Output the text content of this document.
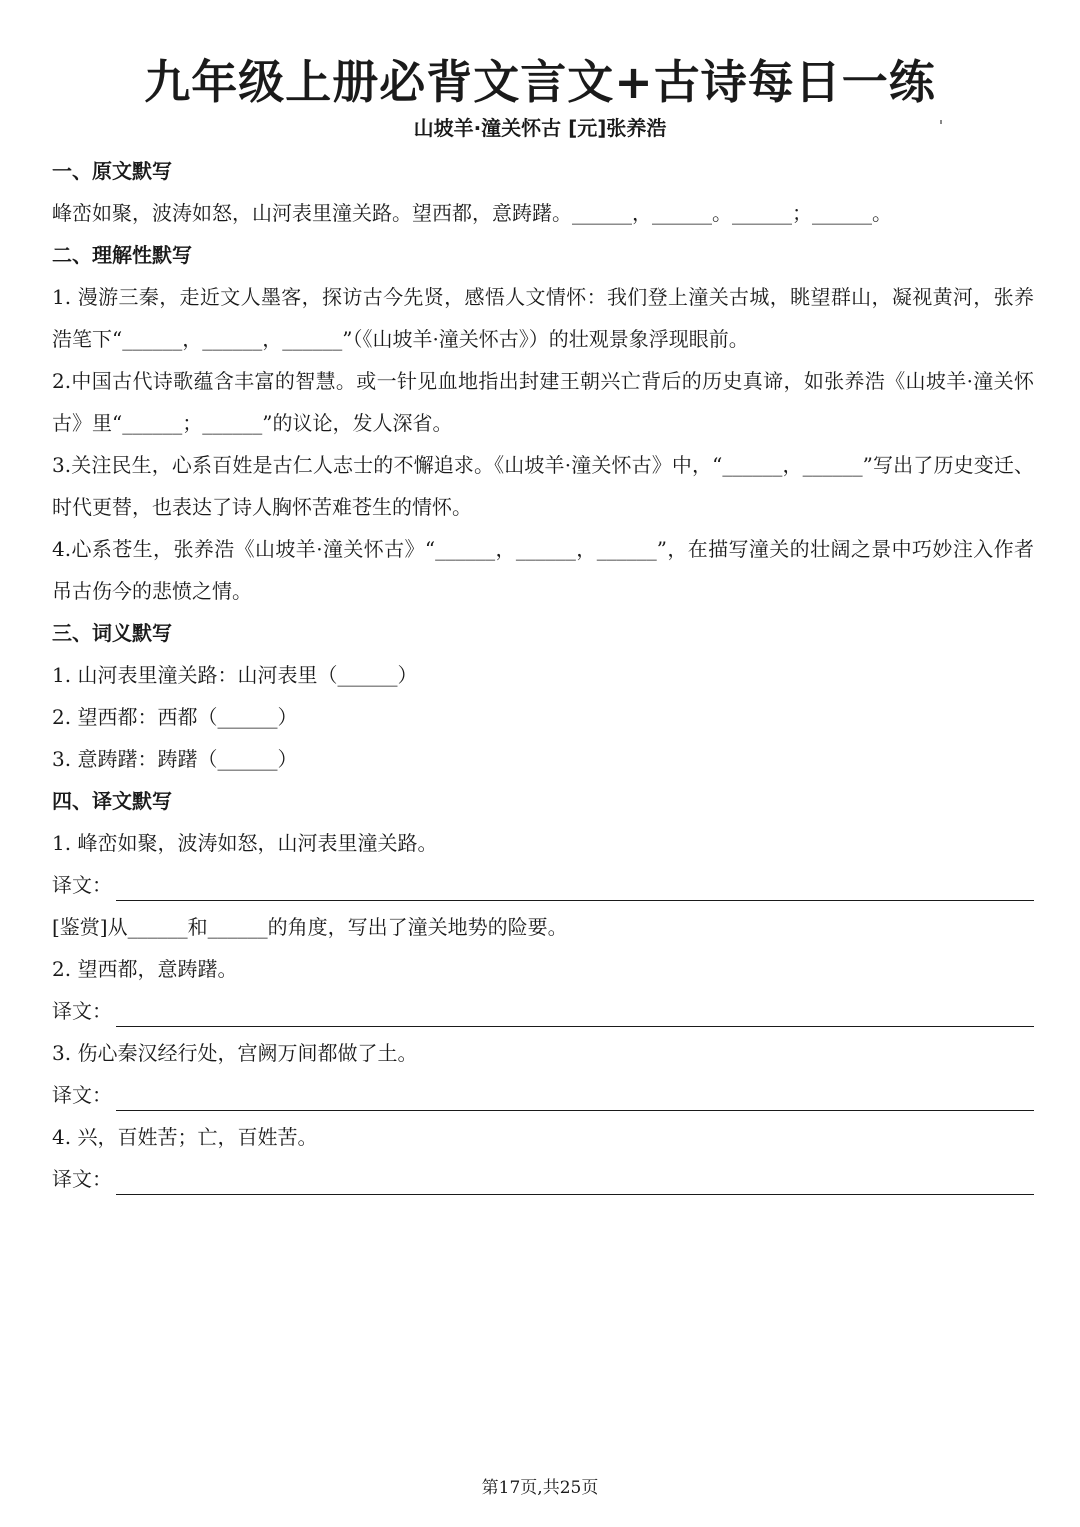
九年级上册必背文言文+古诗每日一练
山坡羊·潼关怀古 [元]张养浩
一、原文默写
峰峦如聚，波涛如怒，山河表里潼关路。望西都，意踌躇。______，______。______；______。
二、理解性默写
1. 漫游三秦，走近文人墨客，探访古今先贤，感悟人文情怀：我们登上潼关古城，眺望群山，凝视黄河，张养浩笔下“______，______，______”（《山坡羊·潼关怀古》）的壮观景象浮现眼前。
2.中国古代诗歌蕴含丰富的智慧。或一针见血地指出封建王朝兴亡背后的历史真谛，如张养浩《山坡羊·潼关怀古》里“______；______”的议论，发人深省。
3.关注民生，心系百姓是古仁人志士的不懈追求。《山坡羊·潼关怀古》中，“______，______”写出了历史变迁、时代更替，也表达了诗人胸怀苦难苍生的情怀。
4.心系苍生，张养浩《山坡羊·潼关怀古》“______，______，______”，在描写潼关的壮阔之景中巧妙注入作者吊古伤今的悲愤之情。
三、词义默写
1. 山河表里潼关路：山河表里（______）
2. 望西都：西都（______）
3. 意踌躇：踌躇（______）
四、译文默写
1. 峰峦如聚，波涛如怒，山河表里潼关路。
译文：
[鉴赏]从______和______的角度，写出了潼关地势的险要。
2. 望西都，意踌躇。
译文：
3. 伤心秦汉经行处，宫阙万间都做了土。
译文：
4. 兴，百姓苦；亡，百姓苦。
译文：
第17页,共25页
